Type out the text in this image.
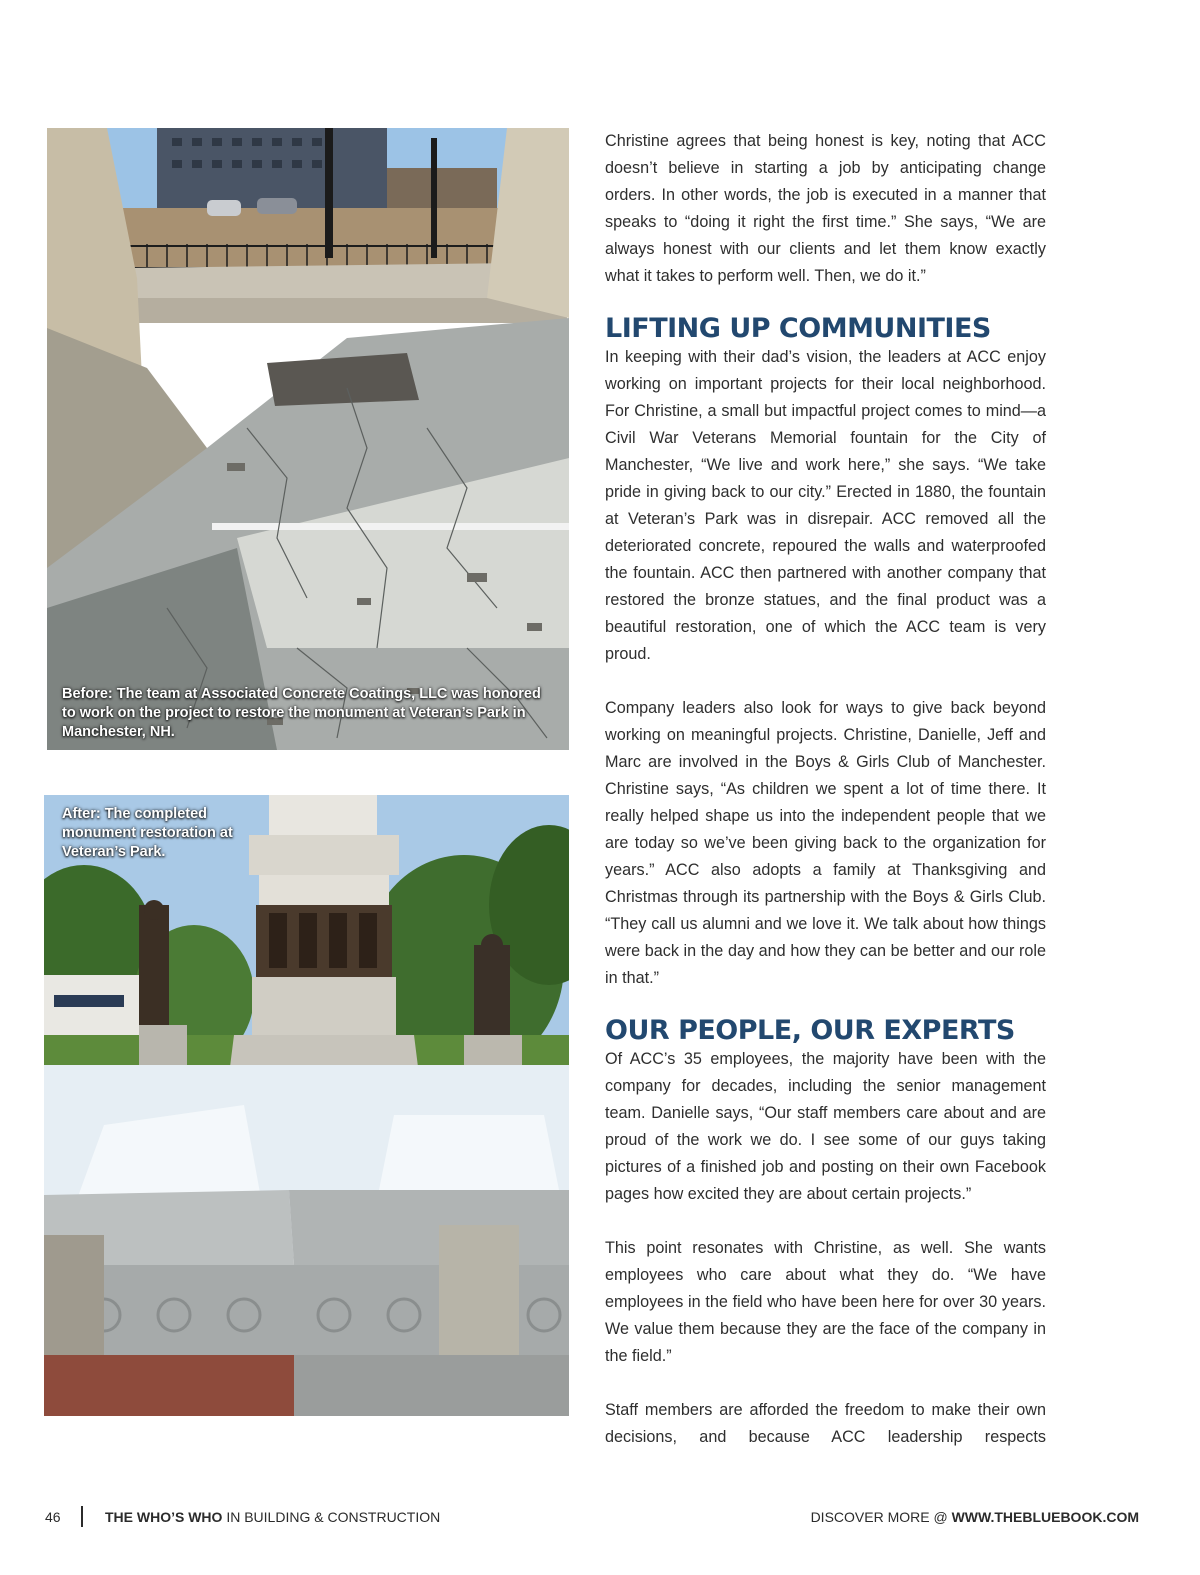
Before: The team at Associated Concrete Coatings, LLC was honored to work on the project to restore the monument at Veteran’s Park in Manchester, NH.
After: The completed monument restoration at Veteran’s Park.

Christine agrees that being honest is key, noting that ACC doesn’t believe in starting a job by anticipating change orders. In other words, the job is executed in a manner that speaks to “doing it right the first time.” She says, “We are always honest with our clients and let them know exactly what it takes to perform well. Then, we do it.”

LIFTING UP COMMUNITIES

In keeping with their dad’s vision, the leaders at ACC enjoy working on important projects for their local neighborhood. For Christine, a small but impactful project comes to mind—a Civil War Veterans Memorial fountain for the City of Manchester, “We live and work here,” she says. “We take pride in giving back to our city.” Erected in 1880, the fountain at Veteran’s Park was in disrepair. ACC removed all the deteriorated concrete, repoured the walls and waterproofed the fountain. ACC then partnered with another company that restored the bronze statues, and the final product was a beautiful restoration, one of which the ACC team is very proud.

Company leaders also look for ways to give back beyond working on meaningful projects. Christine, Danielle, Jeff and Marc are involved in the Boys & Girls Club of Manchester. Christine says, “As children we spent a lot of time there. It really helped shape us into the independent people that we are today so we’ve been giving back to the organization for years.” ACC also adopts a family at Thanksgiving and Christmas through its partnership with the Boys & Girls Club. “They call us alumni and we love it. We talk about how things were back in the day and how they can be better and our role in that.”

OUR PEOPLE, OUR EXPERTS

Of ACC’s 35 employees, the majority have been with the company for decades, including the senior management team. Danielle says, “Our staff members care about and are proud of the work we do. I see some of our guys taking pictures of a finished job and posting on their own Facebook pages how excited they are about certain projects.”

This point resonates with Christine, as well. She wants employees who care about what they do. “We have employees in the field who have been here for over 30 years. We value them because they are the face of the company in the field.”

Staff members are afforded the freedom to make their own decisions, and because ACC leadership respects

46	THE WHO’S WHO IN BUILDING & CONSTRUCTION	DISCOVER MORE @ WWW.THEBLUEBOOK.COM
